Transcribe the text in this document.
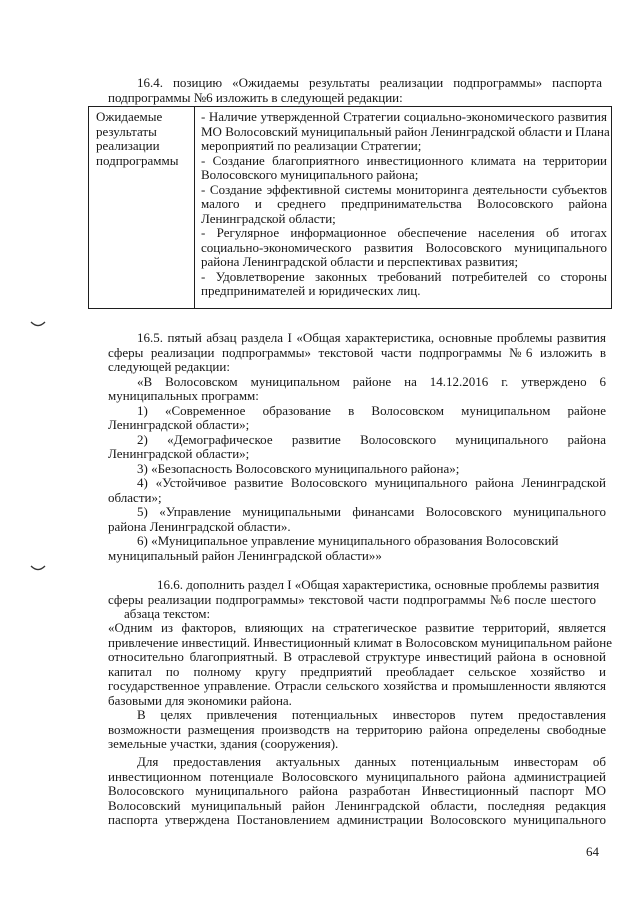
16.4. позицию «Ожидаемы результаты реализации подпрограммы» паспорта
подпрограммы №6 изложить в следующей редакции:
Ожидаемые
результаты
реализации
подпрограммы
- Наличие утвержденной Стратегии социально-экономического развития
МО Волосовский муниципальный район Ленинградской области и Плана
мероприятий по реализации Стратегии;
- Создание благоприятного инвестиционного климата на территории
Волосовского муниципального района;
- Создание эффективной системы мониторинга деятельности субъектов
малого и среднего предпринимательства Волосовского района
Ленинградской области;
- Регулярное информационное обеспечение населения об итогах
социально-экономического развития Волосовского муниципального
района Ленинградской области и перспективах развития;
- Удовлетворение законных требований потребителей со стороны
предпринимателей и юридических лиц.
16.5. пятый абзац раздела I «Общая характеристика, основные проблемы развития
сферы реализации подпрограммы» текстовой части подпрограммы №6 изложить в
следующей редакции:
«В Волосовском муниципальном районе на 14.12.2016 г. утверждено 6
муниципальных программ:
1) «Современное образование в Волосовском муниципальном районе
Ленинградской области»;
2) «Демографическое развитие Волосовского муниципального района
Ленинградской области»;
3) «Безопасность Волосовского муниципального района»;
4) «Устойчивое развитие Волосовского муниципального района Ленинградской
области»;
5) «Управление муниципальными финансами Волосовского муниципального
района Ленинградской области».
6) «Муниципальное управление муниципального образования Волосовский
муниципальный район Ленинградской области»»
16.6. дополнить раздел I «Общая характеристика, основные проблемы развития
сферы реализации подпрограммы» текстовой части подпрограммы №6 после шестого
абзаца текстом:
«Одним из факторов, влияющих на стратегическое развитие территорий, является
привлечение инвестиций. Инвестиционный климат в Волосовском муниципальном районе
относительно благоприятный. В отраслевой структуре инвестиций района в основной
капитал по полному кругу предприятий преобладает сельское хозяйство и
государственное управление. Отрасли сельского хозяйства и промышленности являются
базовыми для экономики района.
В целях привлечения потенциальных инвесторов путем предоставления
возможности размещения производств на территорию района определены свободные
земельные участки, здания (сооружения).
Для предоставления актуальных данных потенциальным инвесторам об
инвестиционном потенциале Волосовского муниципального района администрацией
Волосовского муниципального района разработан Инвестиционный паспорт МО
Волосовский муниципальный район Ленинградской области, последняя редакция
паспорта утверждена Постановлением администрации Волосовского муниципального
64
